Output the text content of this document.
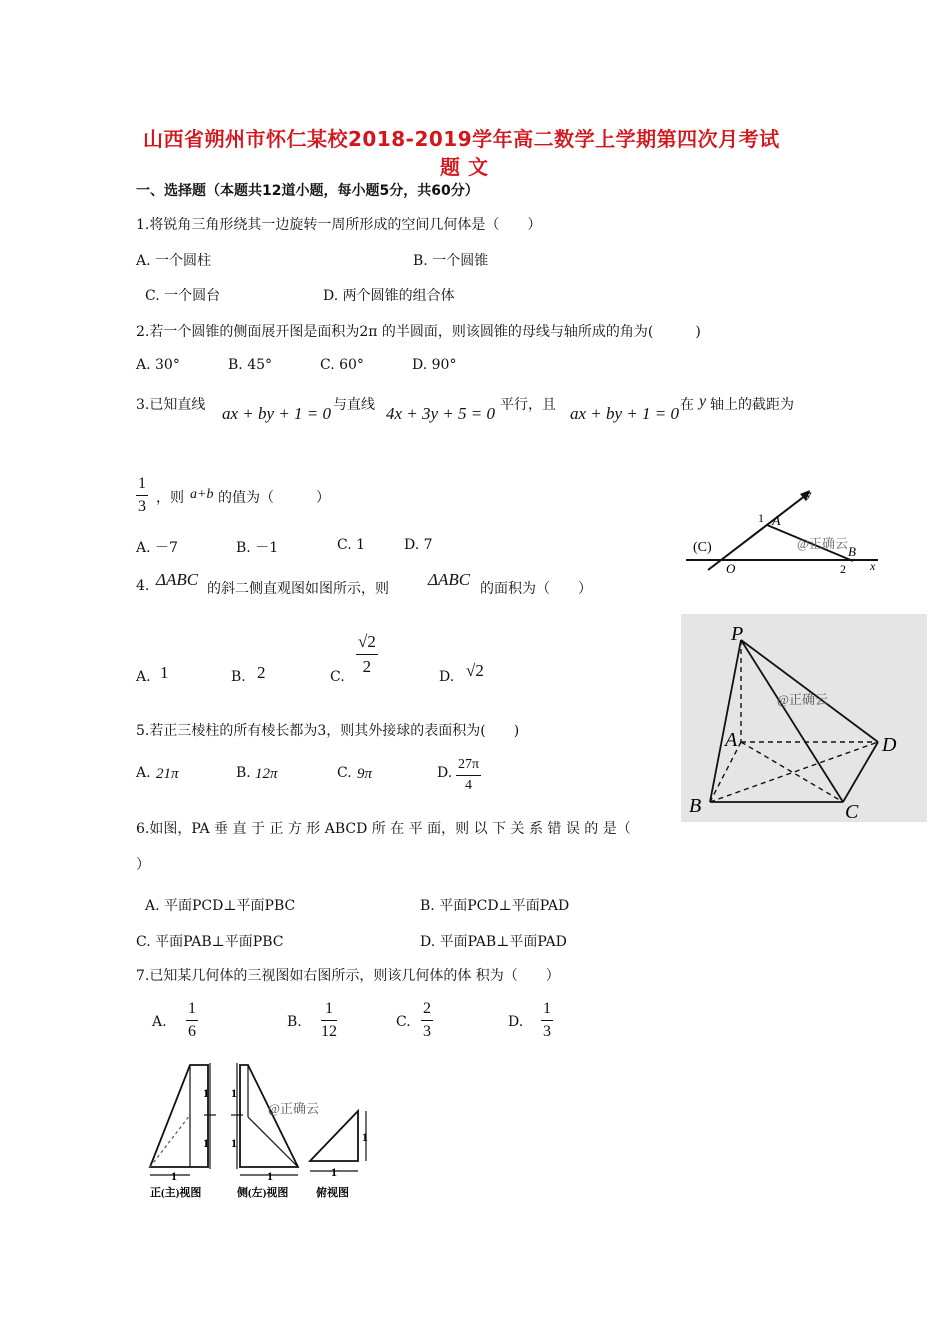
山西省朔州市怀仁某校2018-2019学年高二数学上学期第四次月考试
题 文
一、选择题（本题共12道小题，每小题5分，共60分）
1.将锐角三角形绕其一边旋转一周所形成的空间几何体是（　　）
A. 一个圆柱	B. 一个圆锥
C. 一个圆台	D. 两个圆锥的组合体
2.若一个圆锥的侧面展开图是面积为2π 的半圆面，则该圆锥的母线与轴所成的角为(　　　)
A. 30°	B. 45°	C. 60°	D. 90°
3.已知直线 ax + by + 1 = 0 与直线 4x + 3y + 5 = 0 平行，且 ax + by + 1 = 0 在 y 轴上的截距为
$\frac{1}{3}$ ，则 a+b 的值为（　　　）
A. －7	B. －1	C. 1	D. 7	(C)
O
A
1
B
2 x
y
@正确云
4. ΔABC 的斜二侧直观图如图所示，则 ΔABC 的面积为（　　）
A. 1	B. 2	C. $\frac{√2}{2}$	D. √2
P
A
B	C
D
@正确云
5.若正三棱柱的所有棱长都为3，则其外接球的表面积为(　　)
A. 21π	B. 12π	C. 9π	D. $\frac{27\pi}{4}$
6.如图，PA 垂 直 于 正 方 形 ABCD 所 在 平 面，则 以 下 关 系 错 误 的 是（
）
A. 平面PCD⊥平面PBC	B. 平面PCD⊥平面PAD
C. 平面PAB⊥平面PBC	D. 平面PAB⊥平面PAD
7.已知某几何体的三视图如右图所示，则该几何体的体 积为（　　）
A. $\frac{1}{6}$	B. $\frac{1}{12}$	C. $\frac{2}{3}$	D. $\frac{1}{3}$
1
1
1
正(主)视图
1
1
1
侧(左)视图
1
1
俯视图
@正确云
